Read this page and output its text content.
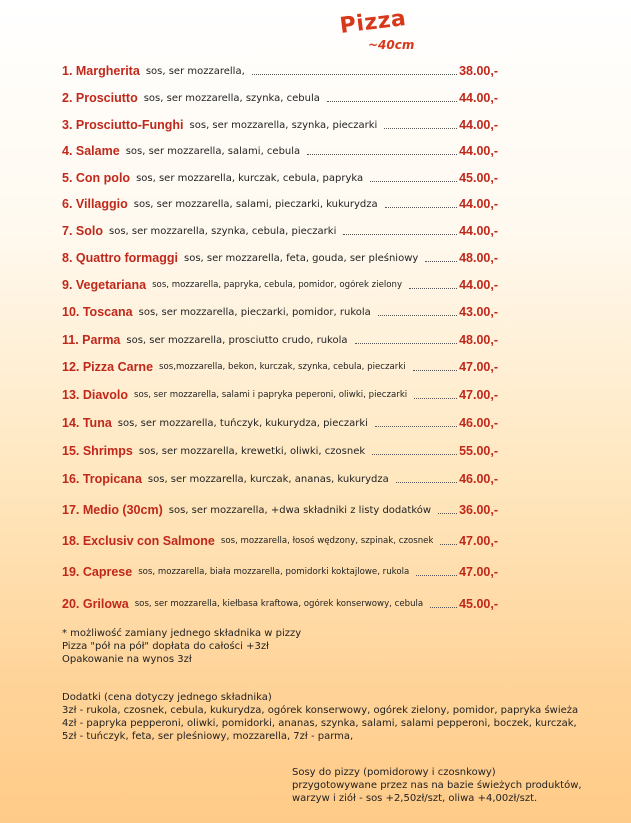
Pizza
~40cm
1. Margherita sos, ser mozzarella,	38.00,-
2. Prosciutto sos, ser mozzarella, szynka, cebula	44.00,-
3. Prosciutto-Funghi sos, ser mozzarella, szynka, pieczarki	44.00,-
4. Salame sos, ser mozzarella, salami, cebula	44.00,-
5. Con polo sos, ser mozzarella, kurczak, cebula, papryka	45.00,-
6. Villaggio sos, ser mozzarella, salami, pieczarki, kukurydza	44.00,-
7. Solo sos, ser mozzarella, szynka, cebula, pieczarki	44.00,-
8. Quattro formaggi sos, ser mozzarella, feta, gouda, ser pleśniowy	48.00,-
9. Vegetariana sos, mozzarella, papryka, cebula, pomidor, ogórek zielony	44.00,-
10. Toscana sos, ser mozzarella, pieczarki, pomidor, rukola	43.00,-
11. Parma sos, ser mozzarella, prosciutto crudo, rukola	48.00,-
12. Pizza Carne sos,mozzarella, bekon, kurczak, szynka, cebula, pieczarki	47.00,-
13. Diavolo sos, ser mozzarella, salami i papryka peperoni, oliwki, pieczarki	47.00,-
14. Tuna sos, ser mozzarella, tuńczyk, kukurydza, pieczarki	46.00,-
15. Shrimps sos, ser mozzarella, krewetki, oliwki, czosnek	55.00,-
16. Tropicana sos, ser mozzarella, kurczak, ananas, kukurydza	46.00,-
17. Medio (30cm) sos, ser mozzarella, +dwa składniki z listy dodatków 36.00,-
18. Exclusiv con Salmone sos, mozzarella, łosoś wędzony, szpinak, czosnek 47.00,-
19. Caprese sos, mozzarella, biała mozzarella, pomidorki koktajlowe, rukola	47.00,-
20. Grilowa sos, ser mozzarella, kiełbasa kraftowa, ogórek konserwowy, cebula	45.00,-
* możliwość zamiany jednego składnika w pizzy
Pizza "pół na pół" dopłata do całości +3zł
Opakowanie na wynos 3zł
Dodatki (cena dotyczy jednego składnika)
3zł - rukola, czosnek, cebula, kukurydza, ogórek konserwowy, ogórek zielony, pomidor, papryka świeża
4zł - papryka pepperoni, oliwki, pomidorki, ananas, szynka, salami, salami pepperoni, boczek, kurczak,
5zł - tuńczyk, feta, ser pleśniowy, mozzarella, 7zł - parma,
Sosy do pizzy (pomidorowy i czosnkowy)
przygotowywane przez nas na bazie świeżych produktów,
warzyw i ziół - sos +2,50zł/szt, oliwa +4,00zł/szt.
